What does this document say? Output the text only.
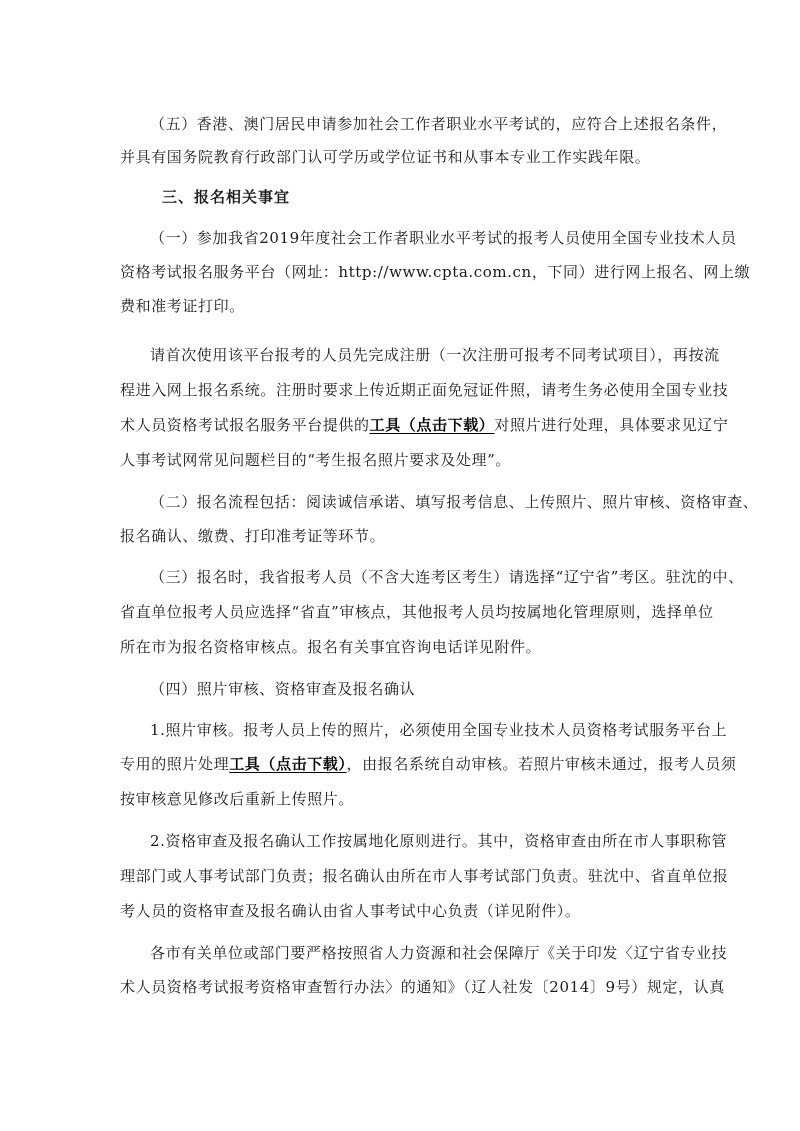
（五）香港、澳门居民申请参加社会工作者职业水平考试的，应符合上述报名条件，
并具有国务院教育行政部门认可学历或学位证书和从事本专业工作实践年限。
三、报名相关事宜
（一）参加我省2019年度社会工作者职业水平考试的报考人员使用全国专业技术人员
资格考试报名服务平台（网址：http://www.cpta.com.cn，下同）进行网上报名、网上缴
费和准考证打印。
请首次使用该平台报考的人员先完成注册（一次注册可报考不同考试项目），再按流
程进入网上报名系统。注册时要求上传近期正面免冠证件照，请考生务必使用全国专业技
术人员资格考试报名服务平台提供的工具（点击下载）对照片进行处理，具体要求见辽宁
人事考试网常见问题栏目的“考生报名照片要求及处理”。
（二）报名流程包括：阅读诚信承诺、填写报考信息、上传照片、照片审核、资格审查、
报名确认、缴费、打印准考证等环节。
（三）报名时，我省报考人员（不含大连考区考生）请选择“辽宁省”考区。驻沈的中、
省直单位报考人员应选择“省直”审核点，其他报考人员均按属地化管理原则，选择单位
所在市为报名资格审核点。报名有关事宜咨询电话详见附件。
（四）照片审核、资格审查及报名确认
1.照片审核。报考人员上传的照片，必须使用全国专业技术人员资格考试服务平台上
专用的照片处理工具（点击下载），由报名系统自动审核。若照片审核未通过，报考人员须
按审核意见修改后重新上传照片。
2.资格审查及报名确认工作按属地化原则进行。其中，资格审查由所在市人事职称管
理部门或人事考试部门负责；报名确认由所在市人事考试部门负责。驻沈中、省直单位报
考人员的资格审查及报名确认由省人事考试中心负责（详见附件）。
各市有关单位或部门要严格按照省人力资源和社会保障厅《关于印发〈辽宁省专业技
术人员资格考试报考资格审查暂行办法〉的通知》（辽人社发〔2014〕9号）规定，认真
